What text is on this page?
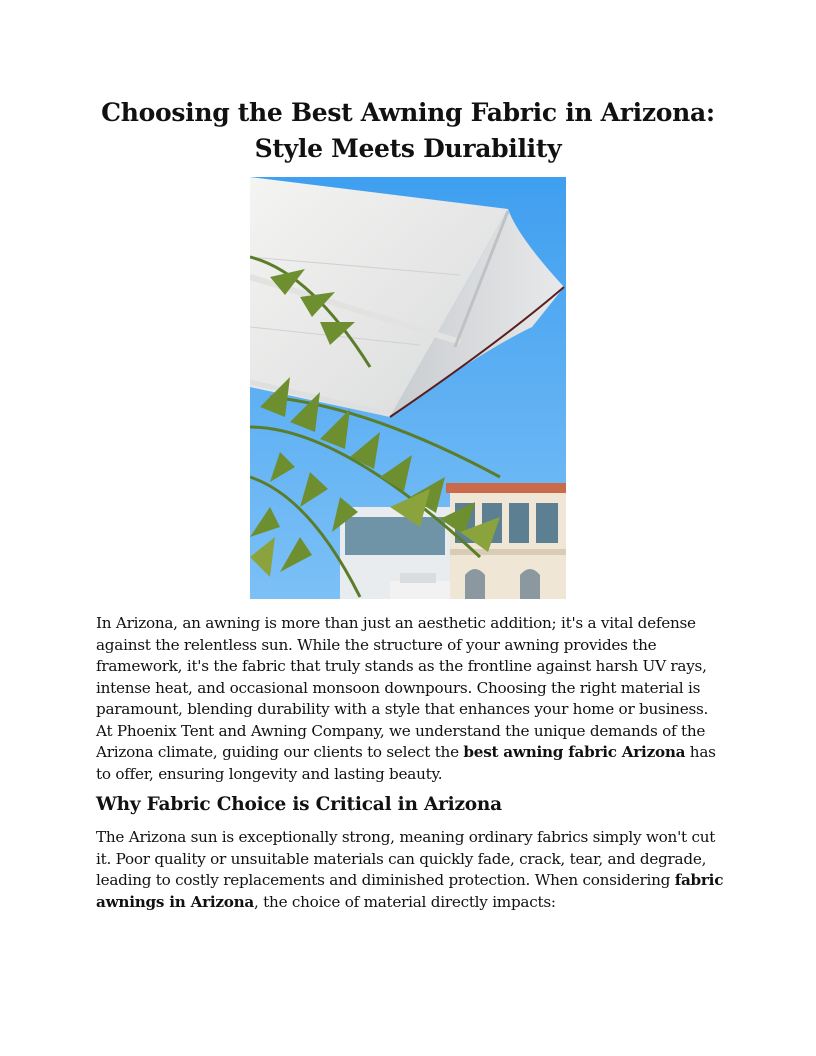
Choosing the Best Awning Fabric in Arizona:
Style Meets Durability

In Arizona, an awning is more than just an aesthetic addition; it's a vital defense against the relentless sun. While the structure of your awning provides the framework, it's the fabric that truly stands as the frontline against harsh UV rays, intense heat, and occasional monsoon downpours. Choosing the right material is paramount, blending durability with a style that enhances your home or business. At Phoenix Tent and Awning Company, we understand the unique demands of the Arizona climate, guiding our clients to select the best awning fabric Arizona has to offer, ensuring longevity and lasting beauty.

Why Fabric Choice is Critical in Arizona

The Arizona sun is exceptionally strong, meaning ordinary fabrics simply won't cut it. Poor quality or unsuitable materials can quickly fade, crack, tear, and degrade, leading to costly replacements and diminished protection. When considering fabric awnings in Arizona, the choice of material directly impacts:
